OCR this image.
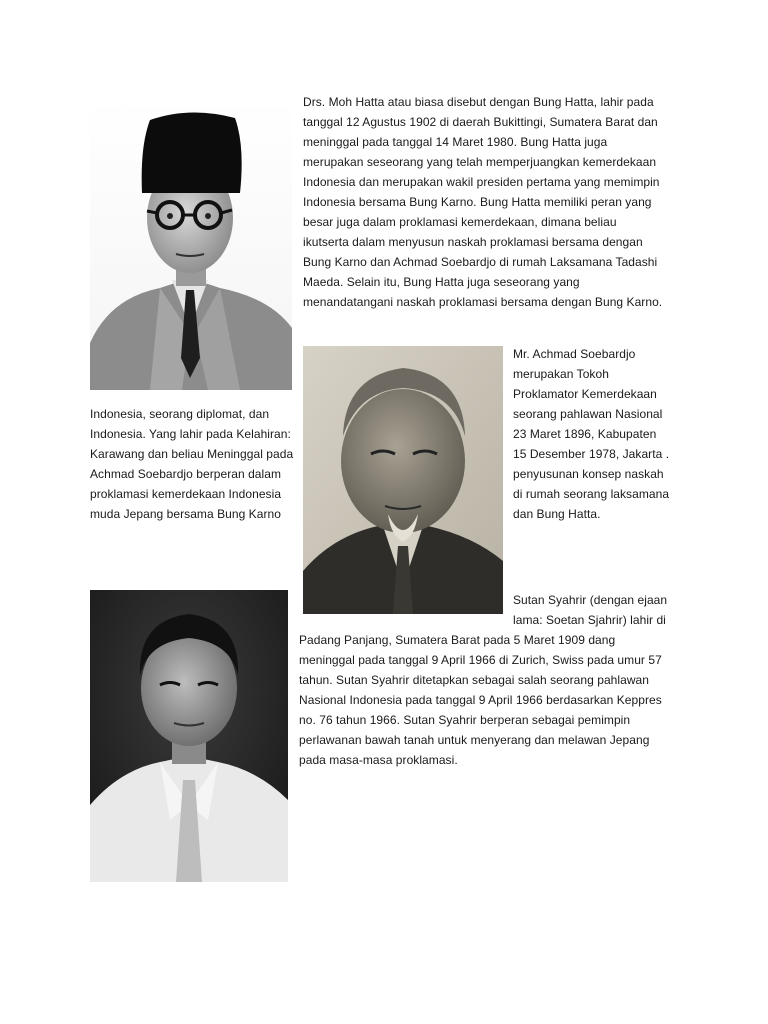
Drs. Moh Hatta atau biasa disebut dengan Bung Hatta, lahir pada
tanggal 12 Agustus 1902 di daerah Bukittingi, Sumatera Barat dan
meninggal pada tanggal 14 Maret 1980. Bung Hatta juga
merupakan seseorang yang telah memperjuangkan kemerdekaan
Indonesia dan merupakan wakil presiden pertama yang memimpin
Indonesia bersama Bung Karno. Bung Hatta memiliki peran yang
besar juga dalam proklamasi kemerdekaan, dimana beliau
ikutserta dalam menyusun naskah proklamasi bersama dengan
Bung Karno dan Achmad Soebardjo di rumah Laksamana Tadashi
Maeda. Selain itu, Bung Hatta juga seseorang yang
menandatangani naskah proklamasi bersama dengan Bung Karno.
Mr. Achmad Soebardjo
merupakan Tokoh
Proklamator Kemerdekaan
seorang pahlawan Nasional
23 Maret 1896, Kabupaten
15 Desember 1978, Jakarta .
penyusunan konsep naskah
di rumah seorang laksamana
dan Bung Hatta.
Indonesia, seorang diplomat, dan
Indonesia. Yang lahir pada Kelahiran:
Karawang dan beliau Meninggal pada
Achmad Soebardjo berperan dalam
proklamasi kemerdekaan Indonesia
muda Jepang bersama Bung Karno
Sutan Syahrir (dengan ejaan
lama: Soetan Sjahrir) lahir di
Padang Panjang, Sumatera Barat pada 5 Maret 1909 dang
meninggal pada tanggal 9 April 1966 di Zurich, Swiss pada umur 57
tahun. Sutan Syahrir ditetapkan sebagai salah seorang pahlawan
Nasional Indonesia pada tanggal 9 April 1966 berdasarkan Keppres
no. 76 tahun 1966. Sutan Syahrir berperan sebagai pemimpin
perlawanan bawah tanah untuk menyerang dan melawan Jepang
pada masa-masa proklamasi.
